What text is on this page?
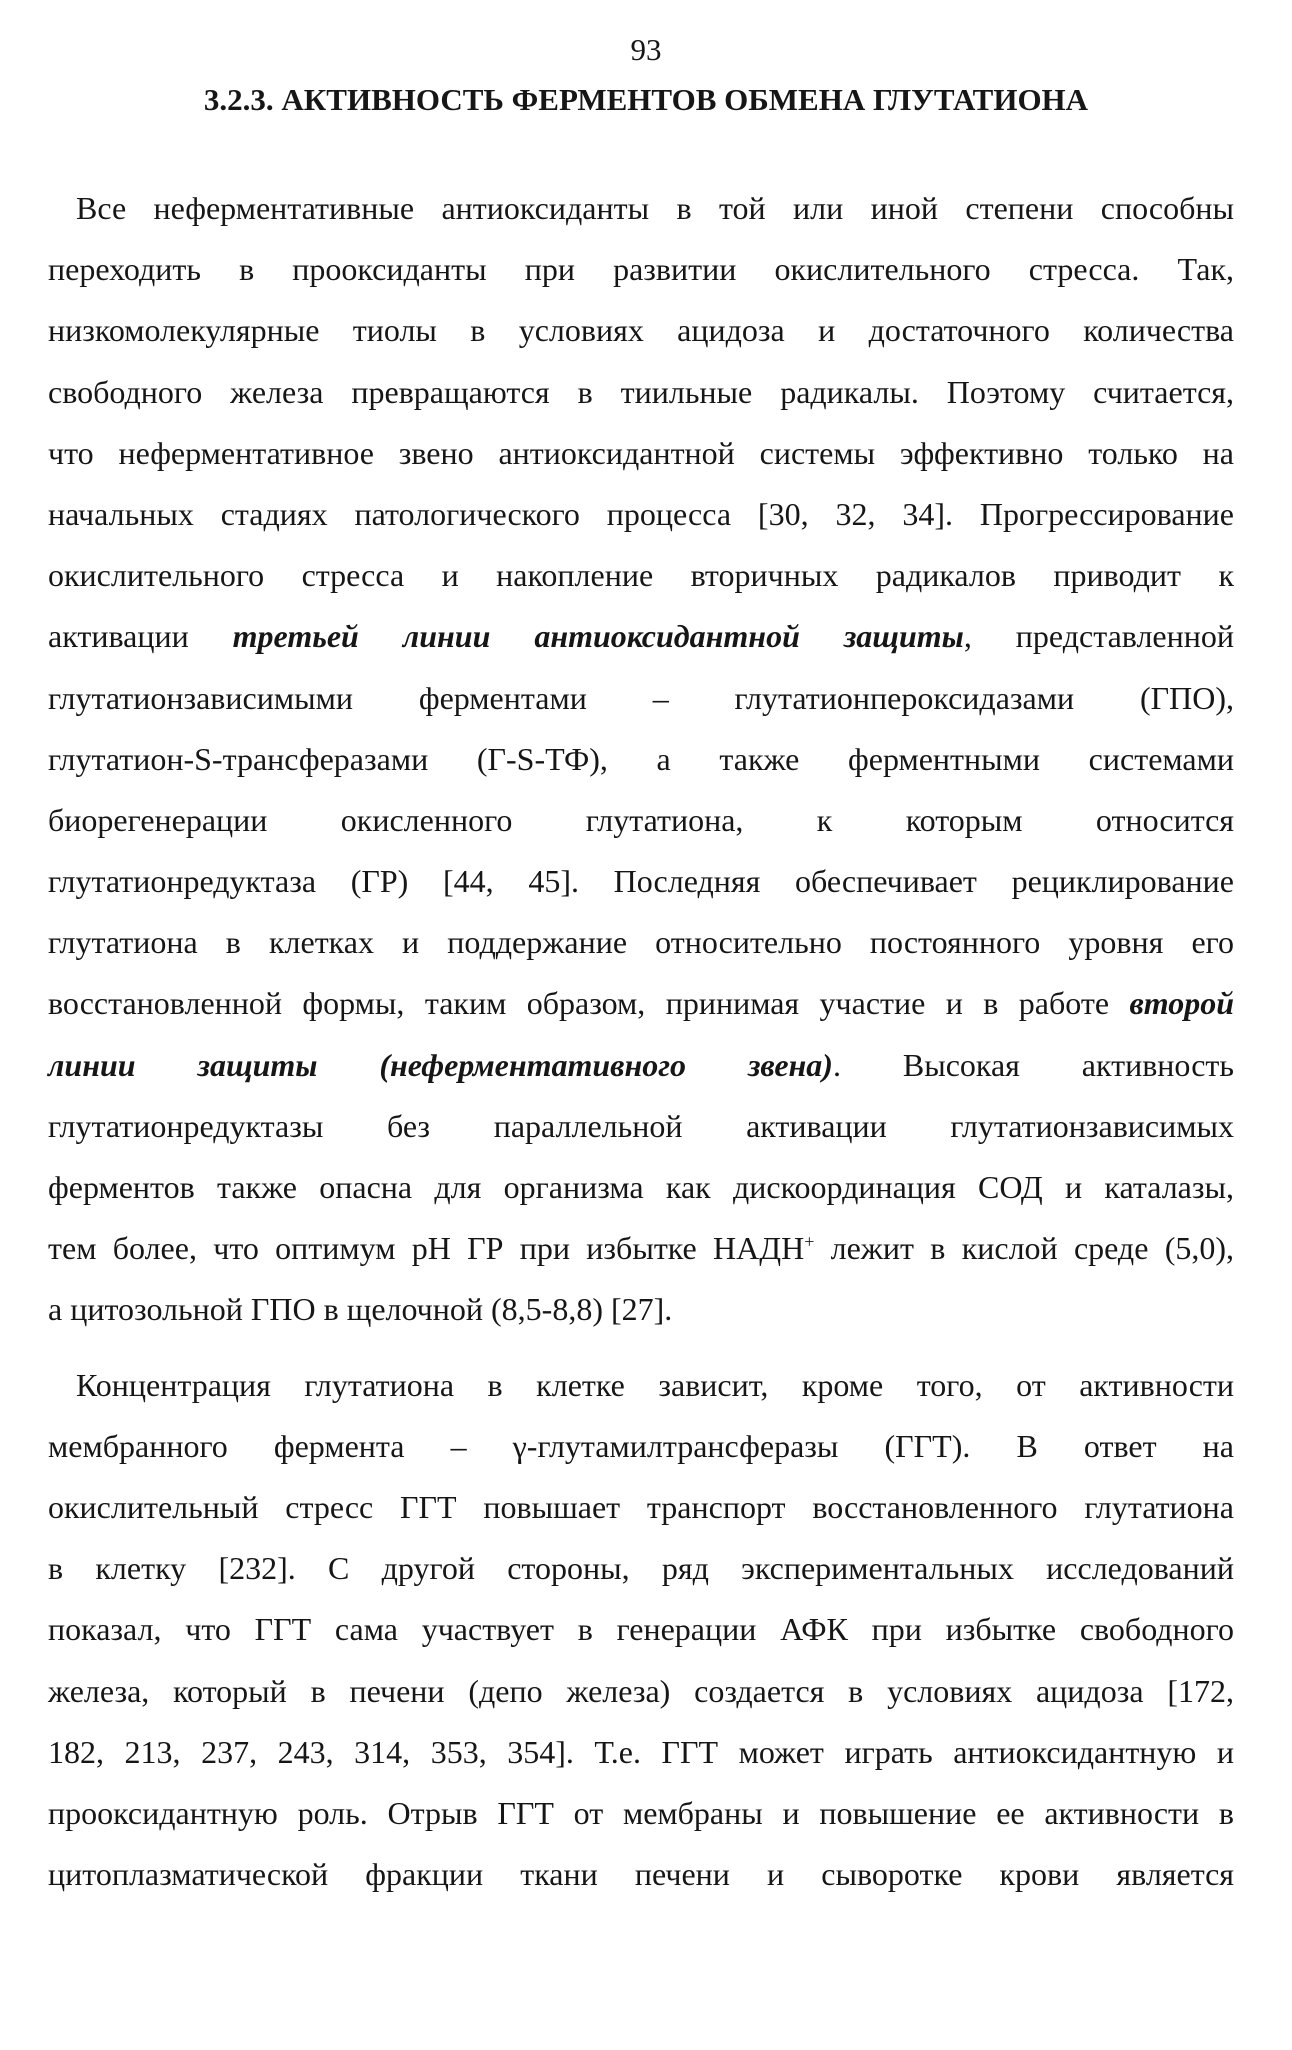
93
3.2.3. АКТИВНОСТЬ ФЕРМЕНТОВ ОБМЕНА ГЛУТАТИОНА
Все неферментативные антиоксиданты в той или иной степени способны
переходить в прооксиданты при развитии окислительного стресса. Так,
низкомолекулярные тиолы в условиях ацидоза и достаточного количества
свободного железа превращаются в тиильные радикалы. Поэтому считается,
что неферментативное звено антиоксидантной системы эффективно только на
начальных стадиях патологического процесса [30, 32, 34]. Прогрессирование
окислительного стресса и накопление вторичных радикалов приводит к
активации третьей линии антиоксидантной защиты, представленной
глутатионзависимыми ферментами – глутатионпероксидазами (ГПО),
глутатион-S-трансферазами (Г-S-ТФ), а также ферментными системами
биорегенерации окисленного глутатиона, к которым относится
глутатионредуктаза (ГР) [44, 45]. Последняя обеспечивает рециклирование
глутатиона в клетках и поддержание относительно постоянного уровня его
восстановленной формы, таким образом, принимая участие и в работе второй
линии защиты (неферментативного звена). Высокая активность
глутатионредуктазы без параллельной активации глутатионзависимых
ферментов также опасна для организма как дискоординация СОД и каталазы,
тем более, что оптимум pH ГР при избытке НАДН+ лежит в кислой среде (5,0),
а цитозольной ГПО в щелочной (8,5-8,8) [27].
Концентрация глутатиона в клетке зависит, кроме того, от активности
мембранного фермента – γ-глутамилтрансферазы (ГГТ). В ответ на
окислительный стресс ГГТ повышает транспорт восстановленного глутатиона
в клетку [232]. С другой стороны, ряд экспериментальных исследований
показал, что ГГТ сама участвует в генерации АФК при избытке свободного
железа, который в печени (депо железа) создается в условиях ацидоза [172,
182, 213, 237, 243, 314, 353, 354]. Т.е. ГГТ может играть антиоксидантную и
прооксидантную роль. Отрыв ГГТ от мембраны и повышение ее активности в
цитоплазматической фракции ткани печени и сыворотке крови является
